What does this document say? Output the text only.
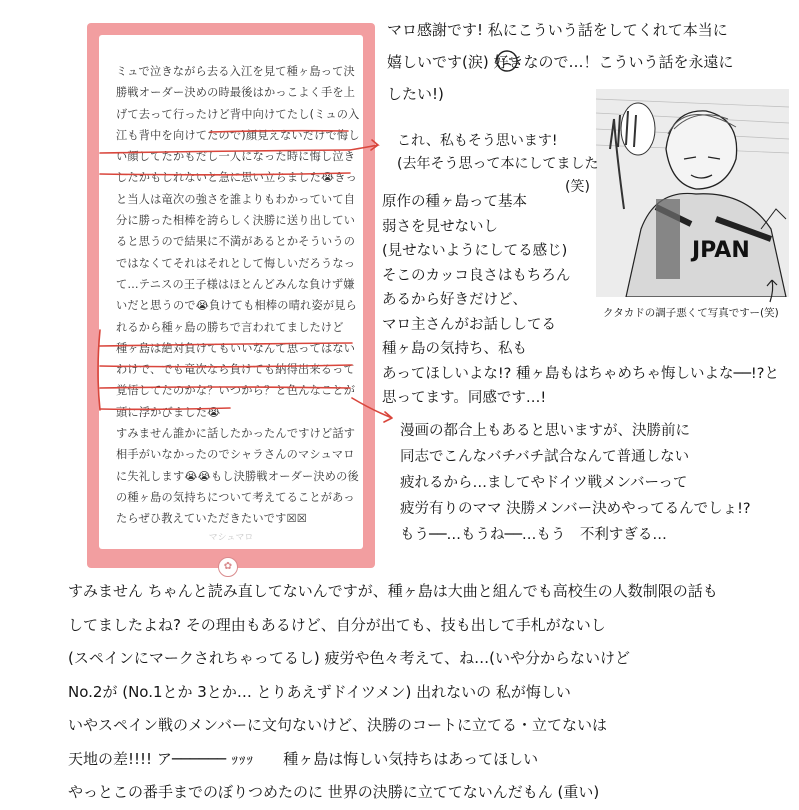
ミュで泣きながら去る入江を見て種ヶ島って決
勝戦オーダー決めの時最後はかっこよく手を上
げて去って行ったけど背中向けてたし(ミュの入
江も背中を向けてたので)顔見えないだけで悔し
い顔してたかもだし一人になった時に悔し泣き
したかもしれないと急に思い立ちました😭きっ
と当人は竜次の強さを誰よりもわかっていて自
分に勝った相棒を誇らしく決勝に送り出してい
ると思うので結果に不満があるとかそういうの
ではなくてそれはそれとして悔しいだろうなっ
て…テニスの王子様はほとんどみんな負けず嫌
いだと思うので😭負けても相棒の晴れ姿が見ら
れるから種ヶ島の勝ちで言われてましたけど
種ヶ島は絶対負けてもいいなんて思ってはない
わけで、でも竜次なら負けても納得出来るって
覚悟してたのかな？いつから？と色んなことが
頭に浮かびました😭
すみません誰かに話したかったんですけど話す
相手がいなかったのでシャラさんのマシュマロ
に失礼します😭😭もし決勝戦オーダー決めの後
の種ヶ島の気持ちについて考えてることがあっ
たらぜひ教えていただきたいです☒☒
マシュマロ
✿
マロ感謝です! 私にこういう話をしてくれて本当に
嬉しいです(涙) 好きなので…！こういう話を永遠に
したい!)
JPAN
クタカドの調子悪くて写真ですー(笑)
これ、私もそう思います!
(去年そう思って本にしてました
　　　　　　　　　　　　(笑)
原作の種ヶ島って基本
弱さを見せないし
(見せないようにしてる感じ)
そこのカッコ良さはもちろん
あるから好きだけど、
マロ主さんがお話ししてる
種ヶ島の気持ち、私も
あってほしいよな!? 種ヶ島もはちゃめちゃ悔しいよな──!?と
思ってます。同感です…!
漫画の都合上もあると思いますが、決勝前に
同志でこんなバチバチ試合なんて普通しない
疲れるから…ましてやドイツ戦メンバーって
疲労有りのママ 決勝メンバー決めやってるんでしょ!?
もう──…もうね──…もう　不利すぎる…
すみません ちゃんと読み直してないんですが、種ヶ島は大曲と組んでも高校生の人数制限の話も
してましたよね? その理由もあるけど、自分が出ても、技も出して手札がないし
(スペインにマークされちゃってるし) 疲労や色々考えて、ね…(いや分からないけど
No.2が (No.1とか 3とか… とりあえずドイツメン) 出れないの 私が悔しい
いやスペイン戦のメンバーに文句ないけど、決勝のコートに立てる・立てないは
天地の差!!!! ア────── ｯｯｯ　　種ヶ島は悔しい気持ちはあってほしい
やっとこの番手までのぼりつめたのに 世界の決勝に立ててないんだもん (重い)
